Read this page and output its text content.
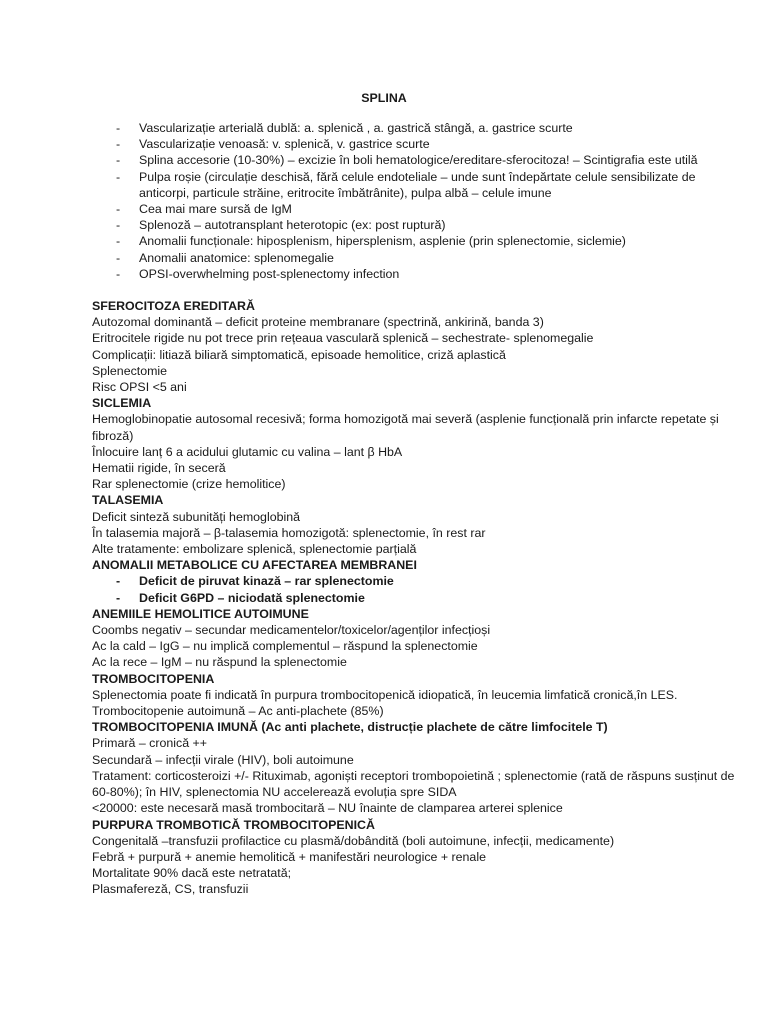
SPLINA
- Vascularizație arterială dublă: a. splenică , a. gastrică stângă, a. gastrice scurte
- Vascularizație venoasă: v. splenică, v. gastrice scurte
- Splina accesorie (10-30%) – excizie în boli hematologice/ereditare-sferocitoza! – Scintigrafia este utilă
- Pulpa roșie (circulație deschisă, fără celule endoteliale – unde sunt îndepărtate celule sensibilizate de anticorpi, particule străine, eritrocite îmbătrânite), pulpa albă – celule imune
- Cea mai mare sursă de IgM
- Splenoză – autotransplant heterotopic (ex: post ruptură)
- Anomalii funcționale: hiposplenism, hipersplenism, asplenie (prin splenectomie, siclemie)
- Anomalii anatomice: splenomegalie
- OPSI-overwhelming post-splenectomy infection
SFEROCITOZA EREDITARĂ

Autozomal dominantă – deficit proteine membranare (spectrină, ankirină, banda 3)

Eritrocitele rigide nu pot trece prin rețeaua vasculară splenică – sechestrate- splenomegalie

Complicații: litiază biliară simptomatică, episoade hemolitice, criză aplastică

Splenectomie

Risc OPSI <5 ani

SICLEMIA

Hemoglobinopatie autosomal recesivă; forma homozigotă mai severă (asplenie funcțională prin infarcte repetate și fibroză)

Înlocuire lanț 6 a acidului glutamic cu valina – lant β HbA

Hematii rigide, în seceră

Rar splenectomie (crize hemolitice)

TALASEMIA

Deficit sinteză subunități hemoglobină

În talasemia majoră – β-talasemia homozigotă: splenectomie, în rest rar

Alte tratamente: embolizare splenică, splenectomie parțială

ANOMALII METABOLICE CU AFECTAREA MEMBRANEI
- Deficit de piruvat kinază – rar splenectomie
- Deficit G6PD – niciodată splenectomie
ANEMIILE HEMOLITICE AUTOIMUNE

Coombs negativ – secundar medicamentelor/toxicelor/agenților infecțioși

Ac la cald – IgG – nu implică complementul – răspund la splenectomie

Ac la rece – IgM – nu răspund la splenectomie

TROMBOCITOPENIA

Splenectomia poate fi indicată în purpura trombocitopenică idiopatică, în leucemia limfatică cronică,în LES.

Trombocitopenie autoimună – Ac anti-plachete (85%)

TROMBOCITOPENIA IMUNĂ (Ac anti plachete, distrucție plachete de către limfocitele T)

Primară – cronică ++

Secundară – infecții virale (HIV), boli autoimune

Tratament: corticosteroizi +/- Rituximab, agoniști receptori trombopoietină ; splenectomie (rată de răspuns susținut de 60-80%); în HIV, splenectomia NU accelerează evoluția spre SIDA

<20000: este necesară masă trombocitară – NU înainte de clamparea arterei splenice

PURPURA TROMBOTICĂ TROMBOCITOPENICĂ

Congenitală –transfuzii profilactice cu plasmă/dobândită (boli autoimune, infecții, medicamente)

Febră + purpură + anemie hemolitică + manifestări neurologice + renale

Mortalitate 90% dacă este netratată;

Plasmafereză, CS, transfuzii
